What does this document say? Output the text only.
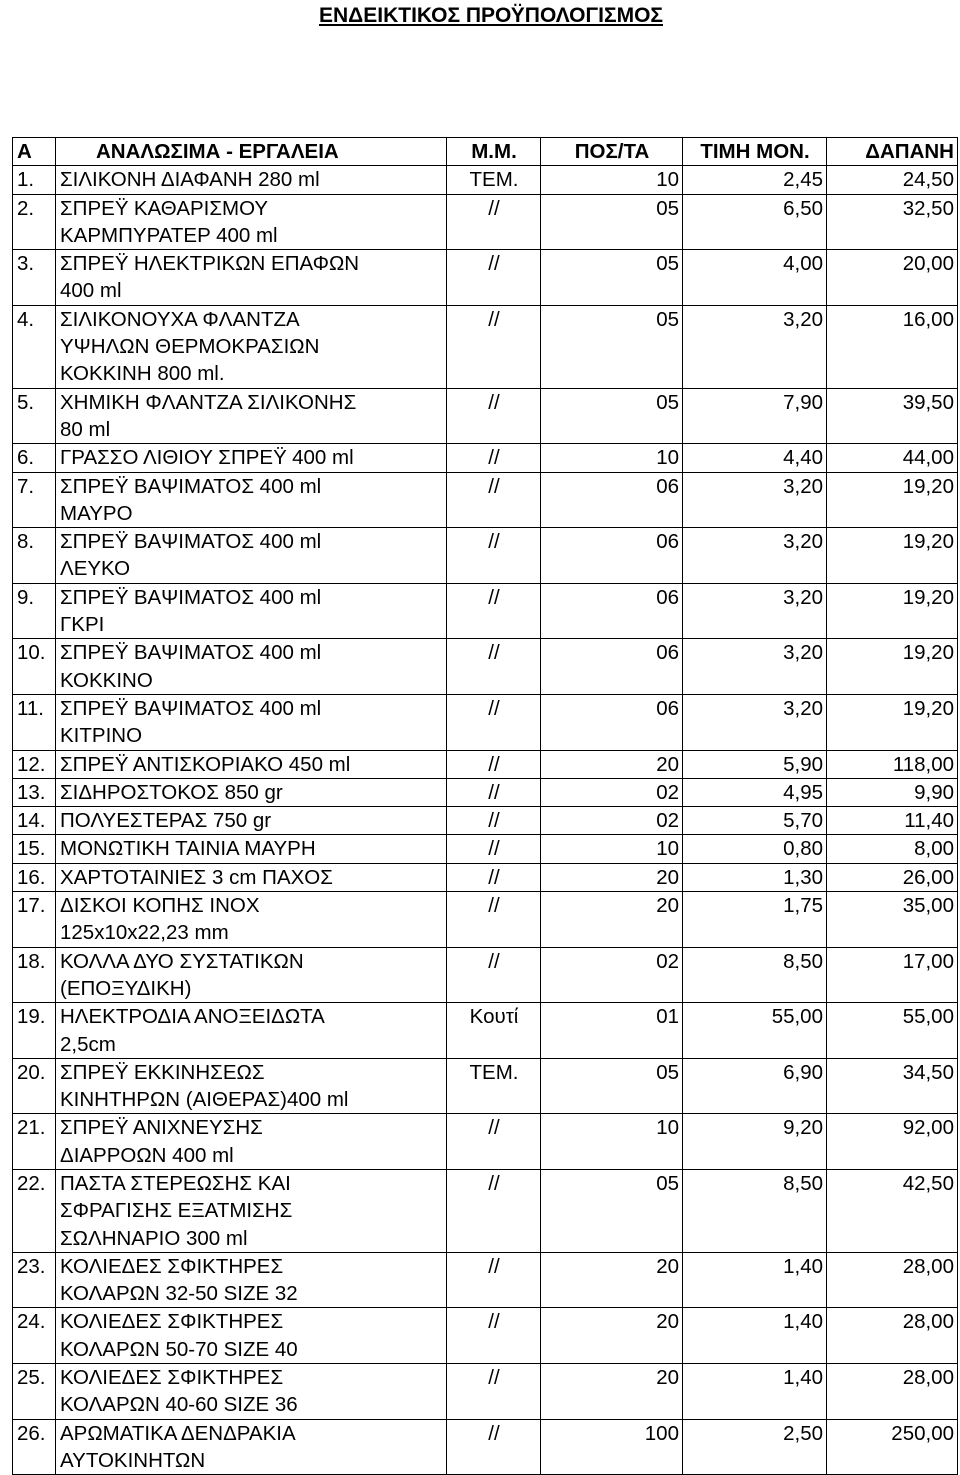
ΕΝΔΕΙΚΤΙΚΟΣ ΠΡΟΫΠΟΛΟΓΙΣΜΟΣ
Α	ΑΝΑΛΩΣΙΜΑ - ΕΡΓΑΛΕΙΑ	Μ.Μ.	ΠΟΣ/ΤΑ	ΤΙΜΗ ΜΟΝ.	ΔΑΠΑΝΗ
1.	ΣΙΛΙΚΟΝΗ ΔΙΑΦΑΝΗ 280 ml	ΤΕΜ.	10	2,45	24,50
2.	ΣΠΡΕΫ ΚΑΘΑΡΙΣΜΟΥ
ΚΑΡΜΠΥΡΑΤΕΡ 400 ml	//	05	6,50	32,50
3.	ΣΠΡΕΫ ΗΛΕΚΤΡΙΚΩΝ ΕΠΑΦΩΝ
400 ml	//	05	4,00	20,00
4.	ΣΙΛΙΚΟΝΟΥΧΑ ΦΛΑΝΤΖΑ
ΥΨΗΛΩΝ ΘΕΡΜΟΚΡΑΣΙΩΝ
ΚΟΚΚΙΝΗ 800 ml.	//	05	3,20	16,00
5.	ΧΗΜΙΚΗ ΦΛΑΝΤΖΑ ΣΙΛΙΚΟΝΗΣ
80 ml	//	05	7,90	39,50
6.	ΓΡΑΣΣΟ ΛΙΘΙΟΥ ΣΠΡΕΫ 400 ml	//	10	4,40	44,00
7.	ΣΠΡΕΫ ΒΑΨΙΜΑΤΟΣ 400 ml
ΜΑΥΡΟ	//	06	3,20	19,20
8.	ΣΠΡΕΫ ΒΑΨΙΜΑΤΟΣ 400 ml
ΛΕΥΚΟ	//	06	3,20	19,20
9.	ΣΠΡΕΫ ΒΑΨΙΜΑΤΟΣ 400 ml
ΓΚΡΙ	//	06	3,20	19,20
10.	ΣΠΡΕΫ ΒΑΨΙΜΑΤΟΣ 400 ml
ΚΟΚΚΙΝΟ	//	06	3,20	19,20
11.	ΣΠΡΕΫ ΒΑΨΙΜΑΤΟΣ 400 ml
ΚΙΤΡΙΝΟ	//	06	3,20	19,20
12.	ΣΠΡΕΫ ΑΝΤΙΣΚΟΡΙΑΚΟ 450 ml	//	20	5,90	118,00
13.	ΣΙΔΗΡΟΣΤΟΚΟΣ 850 gr	//	02	4,95	9,90
14.	ΠΟΛΥΕΣΤΕΡΑΣ 750 gr	//	02	5,70	11,40
15.	ΜΟΝΩΤΙΚΗ ΤΑΙΝΙΑ ΜΑΥΡΗ	//	10	0,80	8,00
16.	ΧΑΡΤΟΤΑΙΝΙΕΣ 3 cm ΠΑΧΟΣ	//	20	1,30	26,00
17.	ΔΙΣΚΟΙ ΚΟΠΗΣ ΙΝΟΧ
125x10x22,23 mm	//	20	1,75	35,00
18.	ΚΟΛΛΑ ΔΥΟ ΣΥΣΤΑΤΙΚΩΝ
(ΕΠΟΞΥΔΙΚΗ)	//	02	8,50	17,00
19.	ΗΛΕΚΤΡΟΔΙΑ ΑΝΟΞΕΙΔΩΤΑ
2,5cm	Κουτί	01	55,00	55,00
20.	ΣΠΡΕΫ ΕΚΚΙΝΗΣΕΩΣ
ΚΙΝΗΤΗΡΩΝ (ΑΙΘΕΡΑΣ)400 ml	ΤΕΜ.	05	6,90	34,50
21.	ΣΠΡΕΫ ΑΝΙΧΝΕΥΣΗΣ
ΔΙΑΡΡΟΩΝ 400 ml	//	10	9,20	92,00
22.	ΠΑΣΤΑ ΣΤΕΡΕΩΣΗΣ ΚΑΙ
ΣΦΡΑΓΙΣΗΣ ΕΞΑΤΜΙΣΗΣ
ΣΩΛΗΝΑΡΙΟ 300 ml	//	05	8,50	42,50
23.	ΚΟΛΙΕΔΕΣ ΣΦΙΚΤΗΡΕΣ
ΚΟΛΑΡΩΝ 32-50 SIZE 32	//	20	1,40	28,00
24.	ΚΟΛΙΕΔΕΣ ΣΦΙΚΤΗΡΕΣ
ΚΟΛΑΡΩΝ 50-70 SIZE 40	//	20	1,40	28,00
25.	ΚΟΛΙΕΔΕΣ ΣΦΙΚΤΗΡΕΣ
ΚΟΛΑΡΩΝ 40-60 SIZE 36	//	20	1,40	28,00
26.	ΑΡΩΜΑΤΙΚΑ ΔΕΝΔΡΑΚΙΑ
ΑΥΤΟΚΙΝΗΤΩΝ	//	100	2,50	250,00
